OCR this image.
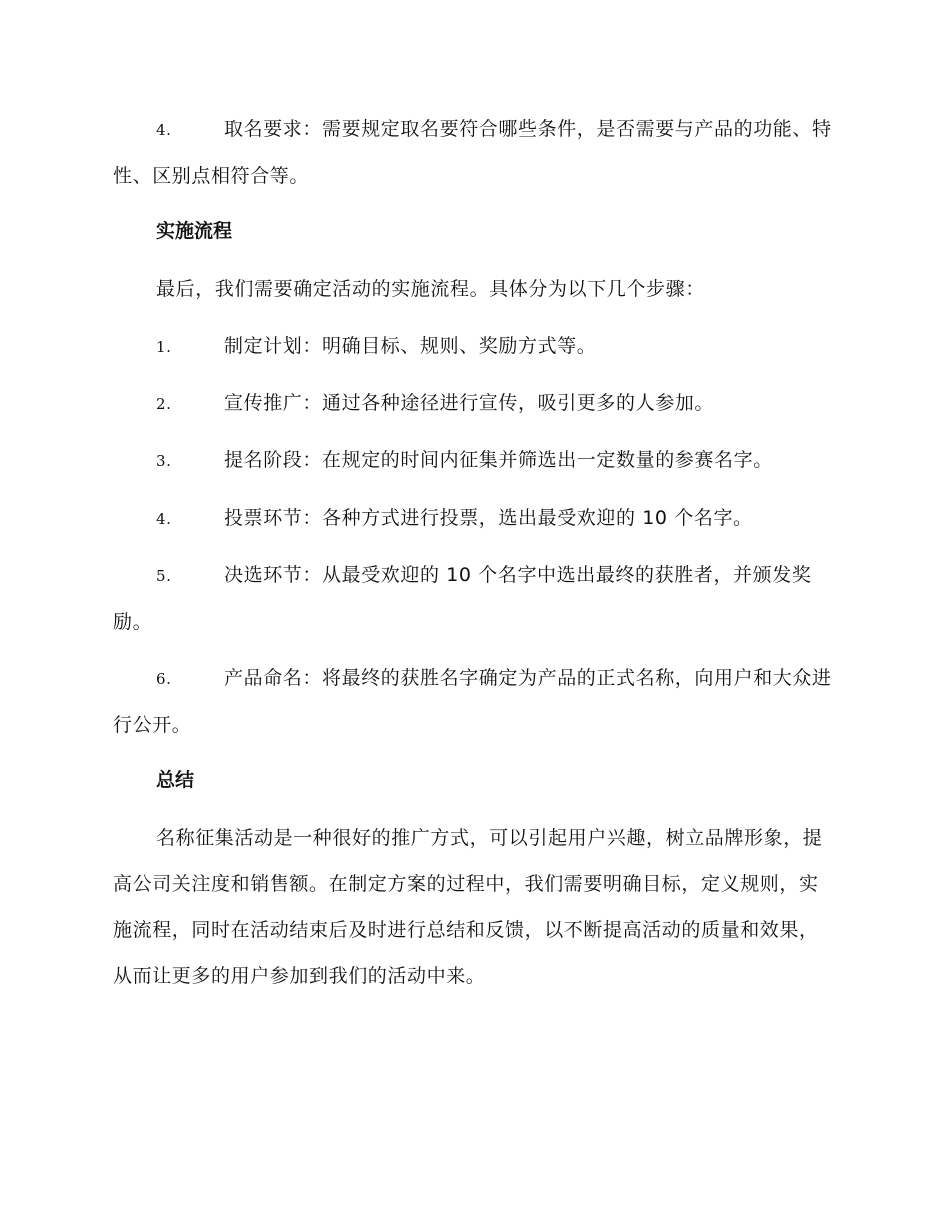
4.	取名要求：需要规定取名要符合哪些条件，是否需要与产品的功能、特性、区别点相符合等。

实施流程

最后，我们需要确定活动的实施流程。具体分为以下几个步骤：

1.	制定计划：明确目标、规则、奖励方式等。

2.	宣传推广：通过各种途径进行宣传，吸引更多的人参加。

3.	提名阶段：在规定的时间内征集并筛选出一定数量的参赛名字。

4.	投票环节：各种方式进行投票，选出最受欢迎的 10 个名字。

5.	决选环节：从最受欢迎的 10 个名字中选出最终的获胜者，并颁发奖励。

6.	产品命名：将最终的获胜名字确定为产品的正式名称，向用户和大众进行公开。

总结

名称征集活动是一种很好的推广方式，可以引起用户兴趣，树立品牌形象，提高公司关注度和销售额。在制定方案的过程中，我们需要明确目标，定义规则，实施流程，同时在活动结束后及时进行总结和反馈，以不断提高活动的质量和效果，从而让更多的用户参加到我们的活动中来。
